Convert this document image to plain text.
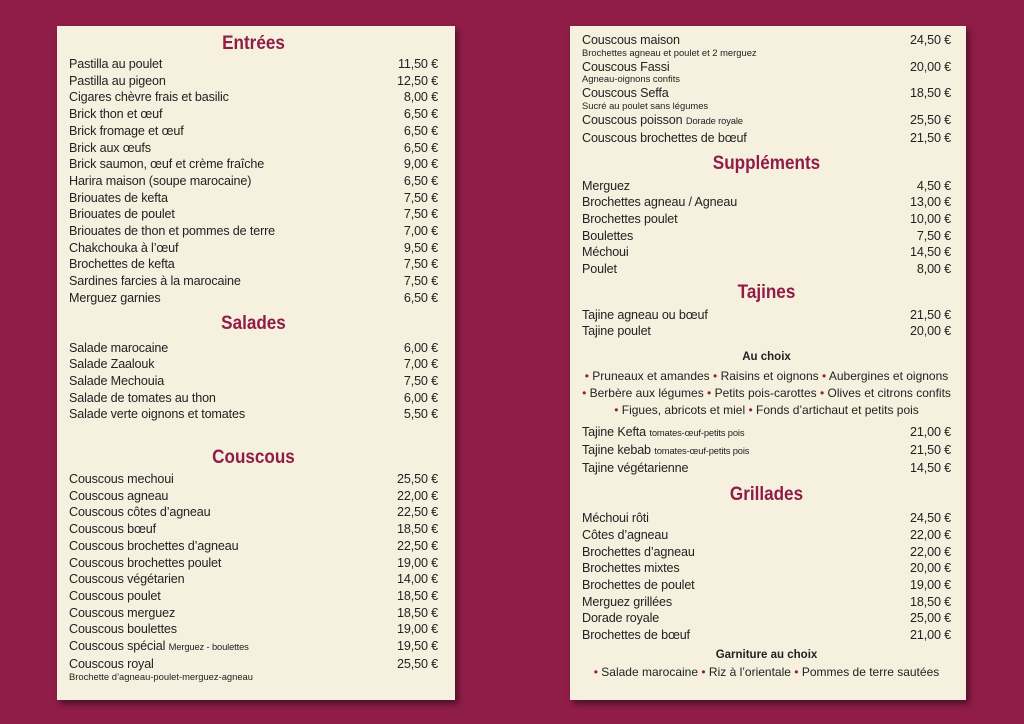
Entrées
Pastilla au poulet	11,50 €
Pastilla au pigeon	12,50 €
Cigares chèvre frais et basilic	8,00 €
Brick thon et œuf	6,50 €
Brick fromage et œuf	6,50 €
Brick aux œufs	6,50 €
Brick saumon, œuf et crème fraîche	9,00 €
Harira maison (soupe marocaine)	6,50 €
Briouates de kefta	7,50 €
Briouates de poulet	7,50 €
Briouates de thon et pommes de terre	7,00 €
Chakchouka à l’œuf	9,50 €
Brochettes de kefta	7,50 €
Sardines farcies à la marocaine	7,50 €
Merguez garnies	6,50 €
Salades
Salade marocaine	6,00 €
Salade Zaalouk	7,00 €
Salade Mechouia	7,50 €
Salade de tomates au thon	6,00 €
Salade verte oignons et tomates	5,50 €
Couscous
Couscous mechoui	25,50 €
Couscous agneau	22,00 €
Couscous côtes d’agneau	22,50 €
Couscous bœuf	18,50 €
Couscous brochettes d’agneau	22,50 €
Couscous brochettes poulet	19,00 €
Couscous végétarien	14,00 €
Couscous poulet	18,50 €
Couscous merguez	18,50 €
Couscous boulettes	19,00 €
Couscous spécial Merguez - boulettes	19,50 €
Couscous royal	25,50 €
Brochette d’agneau-poulet-merguez-agneau
Couscous maison	24,50 €
Brochettes agneau et poulet et 2 merguez
Couscous Fassi	20,00 €
Agneau-oignons confits
Couscous Seffa	18,50 €
Sucré au poulet sans légumes
Couscous poisson Dorade royale	25,50 €
Couscous brochettes de bœuf	21,50 €
Suppléments
Merguez	4,50 €
Brochettes agneau / Agneau	13,00 €
Brochettes poulet	10,00 €
Boulettes	7,50 €
Méchoui	14,50 €
Poulet	8,00 €
Tajines
Tajine agneau ou bœuf	21,50 €
Tajine poulet	20,00 €
Au choix
• Pruneaux et amandes • Raisins et oignons • Aubergines et oignons
• Berbère aux légumes • Petits pois-carottes • Olives et citrons confits
• Figues, abricots et miel • Fonds d’artichaut et petits pois
Tajine Kefta tomates-œuf-petits pois	21,00 €
Tajine kebab tomates-œuf-petits pois	21,50 €
Tajine végétarienne	14,50 €
Grillades
Méchoui rôti	24,50 €
Côtes d’agneau	22,00 €
Brochettes d’agneau	22,00 €
Brochettes mixtes	20,00 €
Brochettes de poulet	19,00 €
Merguez grillées	18,50 €
Dorade royale	25,00 €
Brochettes de bœuf	21,00 €
Garniture au choix
• Salade marocaine • Riz à l’orientale • Pommes de terre sautées
